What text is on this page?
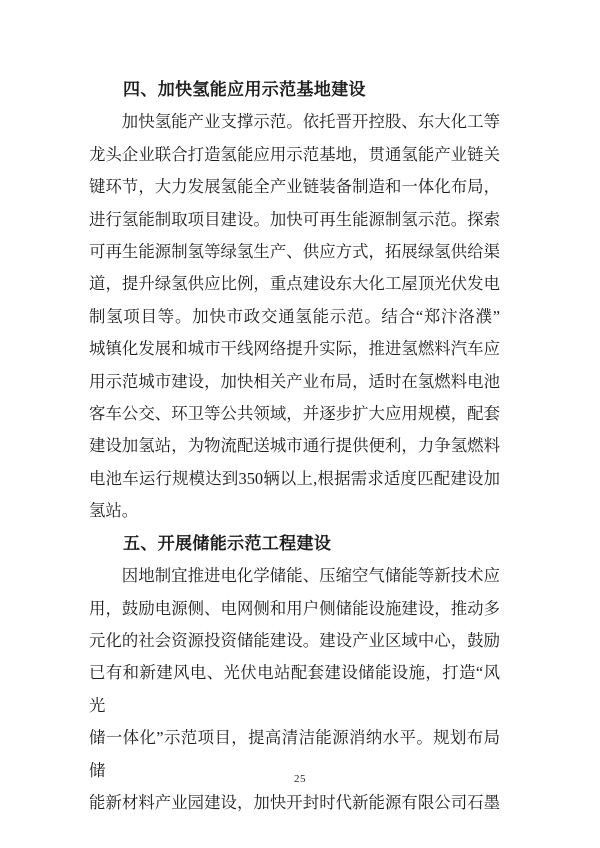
四、加快氢能应用示范基地建设
加快氢能产业支撑示范。依托晋开控股、东大化工等
龙头企业联合打造氢能应用示范基地，贯通氢能产业链关
键环节，大力发展氢能全产业链装备制造和一体化布局，
进行氢能制取项目建设。加快可再生能源制氢示范。探索
可再生能源制氢等绿氢生产、供应方式，拓展绿氢供给渠
道，提升绿氢供应比例，重点建设东大化工屋顶光伏发电
制氢项目等。加快市政交通氢能示范。结合“郑汴洛濮”
城镇化发展和城市干线网络提升实际，推进氢燃料汽车应
用示范城市建设，加快相关产业布局，适时在氢燃料电池
客车公交、环卫等公共领域，并逐步扩大应用规模，配套
建设加氢站，为物流配送城市通行提供便利，力争氢燃料
电池车运行规模达到350辆以上,根据需求适度匹配建设加
氢站。
五、开展储能示范工程建设
因地制宜推进电化学储能、压缩空气储能等新技术应
用，鼓励电源侧、电网侧和用户侧储能设施建设，推动多
元化的社会资源投资储能建设。建设产业区域中心，鼓励
已有和新建风电、光伏电站配套建设储能设施，打造“风光
储一体化”示范项目，提高清洁能源消纳水平。规划布局储
能新材料产业园建设，加快开封时代新能源有限公司石墨
25
